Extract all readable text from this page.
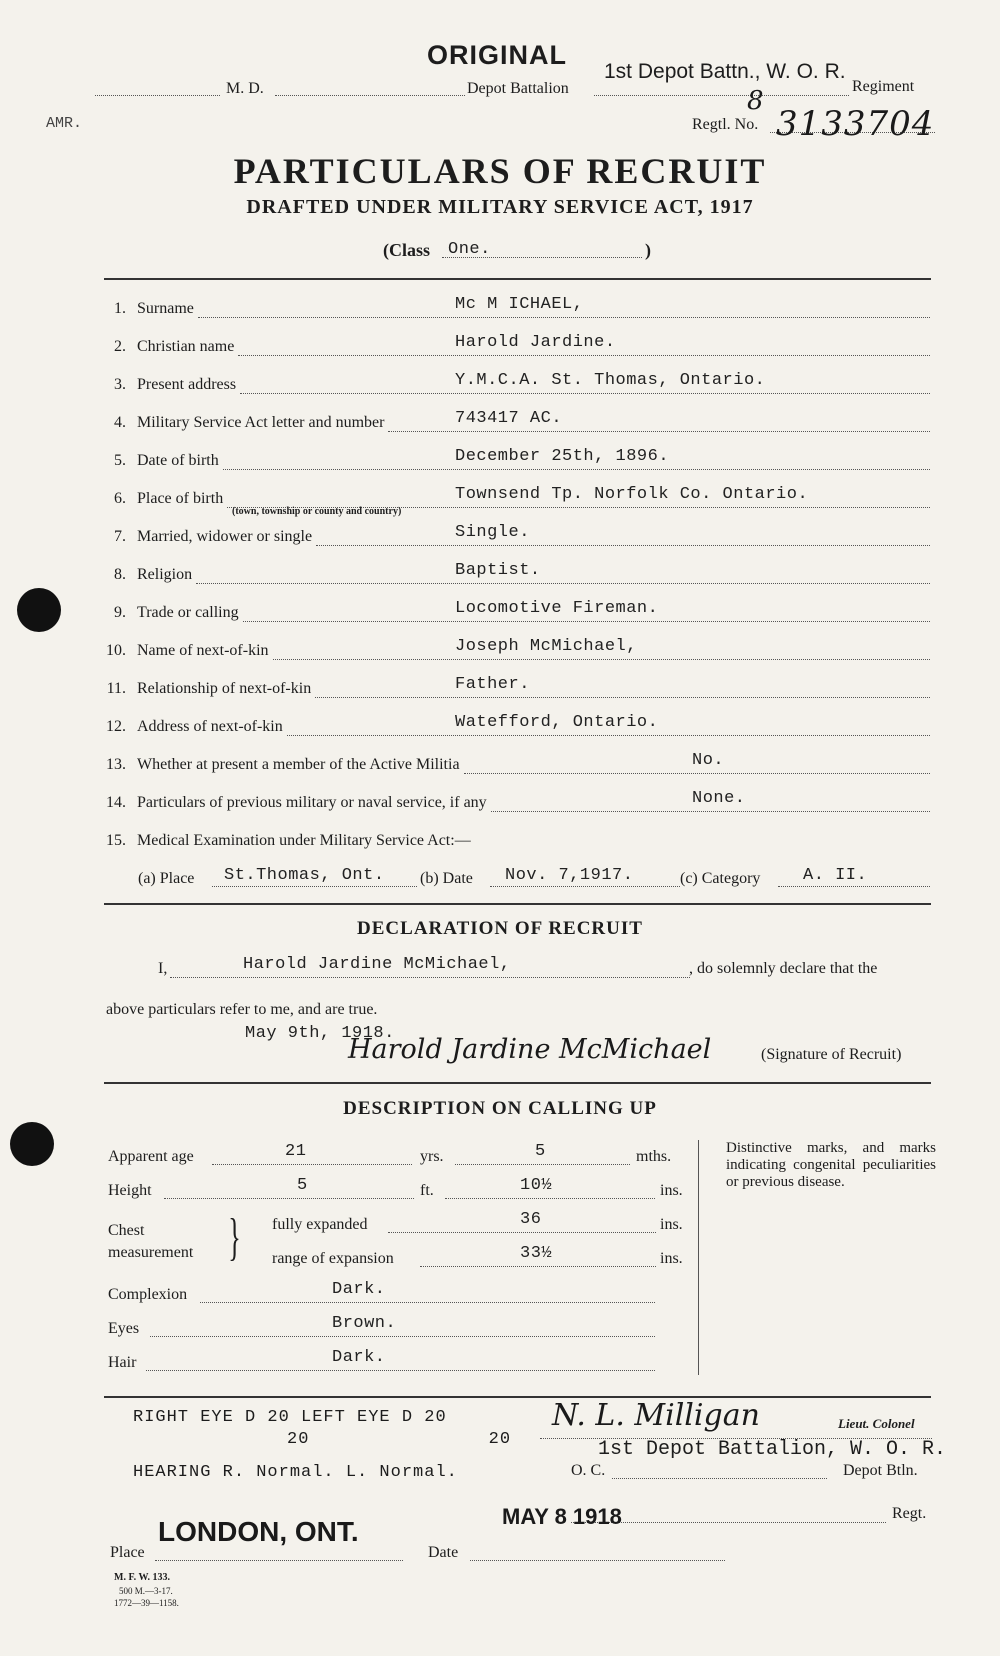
ORIGINAL
M. D.	Depot Battalion
1st Depot Battn., W. O. R.
Regiment
AMR.	Regtl. No.
8
3133704
PARTICULARS OF RECRUIT
DRAFTED UNDER MILITARY SERVICE ACT, 1917
(Class One.	)
1. Surname	Mc M ICHAEL,
2. Christian name	Harold Jardine.
3. Present address	Y.M.C.A. St. Thomas, Ontario.
4. Military Service Act letter and number	743417 AC.
5. Date of birth	December 25th, 1896.
6. Place of birth	Townsend Tp. Norfolk Co. Ontario.
7. Married, widower or single	Single.
8. Religion	Baptist.
9. Trade or calling	Locomotive Fireman.
10. Name of next-of-kin	Joseph McMichael,
11. Relationship of next-of-kin	Father.
12. Address of next-of-kin	Watefford, Ontario.
13. Whether at present a member of the Active Militia	No.
14. Particulars of previous military or naval service, if any	None.
15. Medical Examination under Military Service Act:—
(town, township or county and country)
(a) Place St.Thomas, Ont. (b) Date Nov. 7,1917.	(c) Category	A. II.
DECLARATION OF RECRUIT
I,	Harold Jardine McMichael,	, do solemnly declare that the
above particulars refer to me, and are true.
May 9th, 1918.
Harold Jardine McMichael	(Signature of Recruit)
DESCRIPTION ON CALLING UP
Apparent age	21	yrs.	5	mths.
Height	5	ft.	10½	ins.
Chest
measurement } fully expanded	36	ins.
range of expansion	33½	ins.
Complexion	Dark.
Eyes	Brown.
Hair	Dark.
Distinctive marks, and marks indicating congenital peculiarities or previous disease.
RIGHT EYE D 20 LEFT EYE D 20
20                20
HEARING R. Normal. L. Normal.
N. L. Milligan	Lieut. Colonel
1st Depot Battalion, W. O. R.
O. C.	Depot Btln.
Regt.
Place
LONDON, ONT.
Date
MAY 8 1918
M. F. W. 133.
500 M.—3-17.
1772—39—1158.
